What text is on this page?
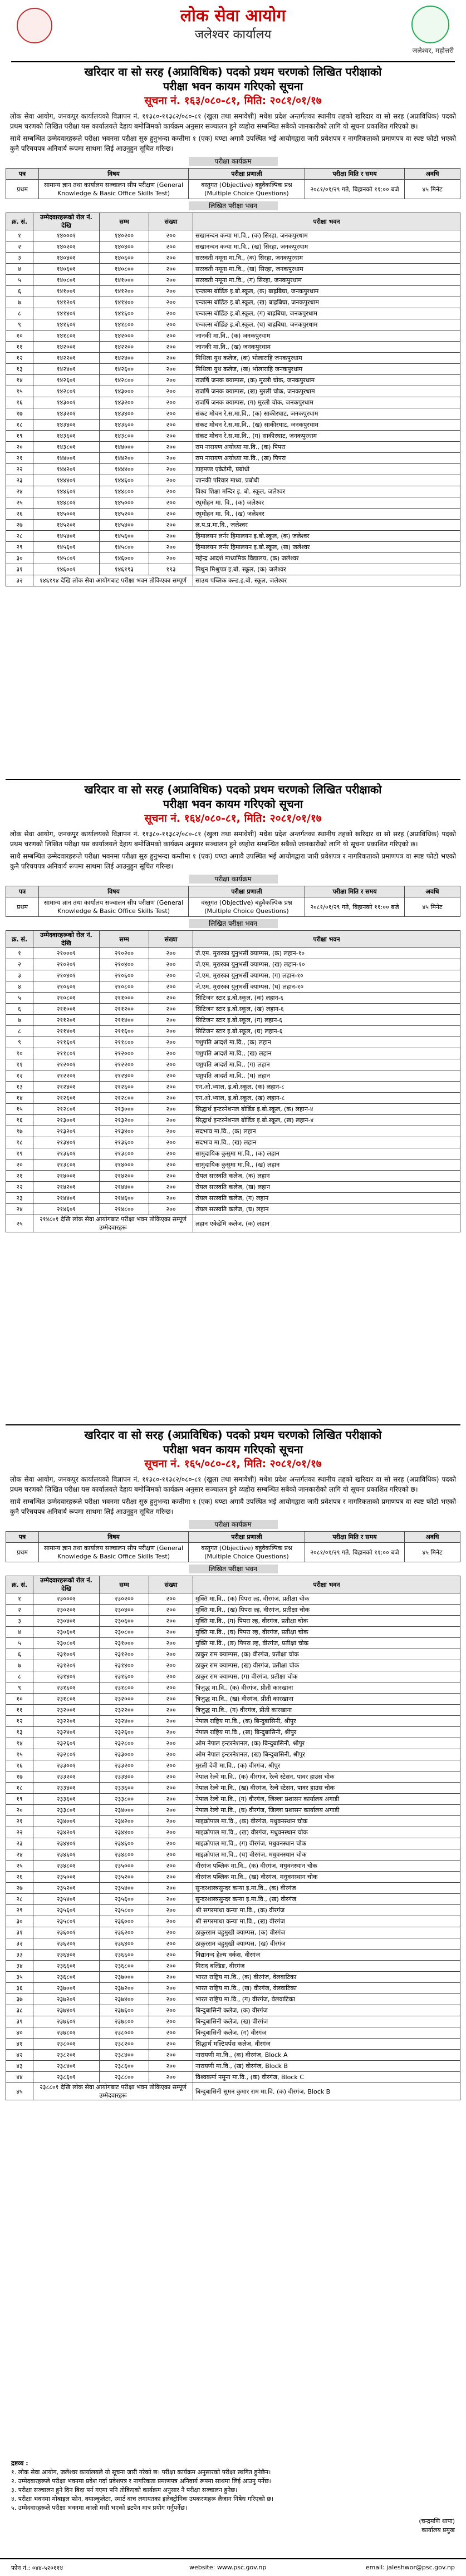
लोक सेवा आयोग
जलेश्वर कार्यालय
जलेश्वर, महोत्तरी
खरिदार वा सो सरह (अप्राविधिक) पदको प्रथम चरणको लिखित परीक्षाको
परीक्षा भवन कायम गरिएको सूचना
सूचना नं. १६३/०८०-८१, मिति: २०८१/०१/१७

लोक सेवा आयोग, जनकपुर कार्यालयको विज्ञापन नं. ११३८०-११३८२/०८०-८१ (खुला तथा समावेशी) मधेश प्रदेश अन्तर्गतका स्थानीय तहको खरिदार वा सो सरह (अप्राविधिक) पदको प्रथम चरणको लिखित परीक्षा यस कार्यालयले देहाय बमोजिमको कार्यक्रम अनुसार सञ्चालन हुने व्यहोरा सम्बन्धित सबैको जानकारीको लागि यो सूचना प्रकाशित गरिएको छ।

साथै सम्बन्धित उम्मेदवारहरूले परीक्षा भवनमा परीक्षा सुरु हुनुभन्दा कम्तीमा १ (एक) घण्टा अगावै उपस्थित भई आयोगद्वारा जारी प्रवेशपत्र र नागरिकताको प्रमाणपत्र वा स्पष्ट फोटो भएको कुनै परिचयपत्र अनिवार्य रूपमा साथमा लिई आउनुहुन सूचित गरिन्छ।

परीक्षा कार्यक्रम
पत्र	विषय	परीक्षा प्रणाली	परीक्षा मिति र समय	अवधि
प्रथम	सामान्य ज्ञान तथा कार्यालय सञ्चालन सीप परीक्षण (General Knowledge & Basic Office Skills Test)	वस्तुगत (Objective) बहुवैकल्पिक प्रश्न (Multiple Choice Questions)	२०८१/०१/२९ गते, बिहानको ११:०० बजे	४५ मिनेट
लिखित परीक्षा भवन
क्र. सं.	उम्मेदवारहरूको रोल नं. देखि	सम्म	संख्या	परीक्षा भवन
१	१४०००१	१४०२००	२००	सखानन्दन कन्या मा.वि., (क) सिरहा, जनकपुरधाम
२	१४०२०१	१४०४००	२००	सखानन्दन कन्या मा.वि., (ख) सिरहा, जनकपुरधाम
३	१४०४०१	१४०६००	२००	सरस्वती नमूना मा.वि., (क) सिरहा, जनकपुरधाम
४	१४०६०१	१४०८००	२००	सरस्वती नमूना मा.वि., (ख) सिरहा, जनकपुरधाम
५	१४०८०१	१४१०००	२००	सरस्वती नमूना मा.वि., (ग) सिरहा, जनकपुरधाम
६	१४१००१	१४१२००	२००	एन्जल्स बोर्डिङ इ.बो.स्कूल, (क) बाह्रबिघा, जनकपुरधाम
७	१४१२०१	१४१४००	२००	एन्जल्स बोर्डिङ इ.बो.स्कूल, (ख) बाह्रबिघा, जनकपुरधाम
८	१४१४०१	१४१६००	२००	एन्जल्स बोर्डिङ इ.बो.स्कूल, (ग) बाह्रबिघा, जनकपुरधाम
९	१४१६०१	१४१८००	२००	एन्जल्स बोर्डिङ इ.बो.स्कूल, (घ) बाह्रबिघा, जनकपुरधाम
१०	१४१८०१	१४२०००	२००	जानकी मा.वि., (क) जनकपुरधाम
११	१४२००१	१४२२००	२००	जानकी मा.वि., (ख) जनकपुरधाम
१२	१४२२०१	१४२४००	२००	मिथिला युथ कलेज, (क) भोलाराहि जनकपुरधाम
१३	१४२४०१	१४२६००	२००	मिथिला युथ कलेज, (ख) भोलाराहि जनकपुरधाम
१४	१४२६०१	१४२८००	२००	राजर्षि जनक क्याम्पस, (क) मुरली चोक, जनकपुरधाम
१५	१४२८०१	१४३०००	२००	राजर्षि जनक क्याम्पस, (ख) मुरली चोक, जनकपुरधाम
१६	१४३००१	१४३२००	२००	राजर्षि जनक क्याम्पस, (ग) मुरली चोक, जनकपुरधाम
१७	१४३२०१	१४३४००	२००	संकट मोचन रे.स.मा.वि., (क) साकीरघाट, जनकपुरधाम
१८	१४३४०१	१४३६००	२००	संकट मोचन रे.स.मा.वि., (ख) साकीरघाट, जनकपुरधाम
१९	१४३६०१	१४३८००	२००	संकट मोचन रे.स.मा.वि., (ग) साकीरघाट, जनकपुरधाम
२०	१४३८०१	१४४०००	२००	राम नारायण अयोध्या मा.वि., (क) पिपरा
२१	१४४००१	१४४२००	२००	राम नारायण अयोध्या मा.वि., (ख) पिपरा
२२	१४४२०१	१४४४००	२००	डाइमण्ड एकेडेमी, प्रबोधी
२३	१४४४०१	१४४६००	२००	जानकी परिवार माध्य. प्रबोधी
२४	१४४६०१	१४४८००	२००	विश्व शिक्षा मन्दिर इ. बो. स्कूल, जलेश्वर
२५	१४४८०१	१४५०००	२००	रघुमोहन मा. वि., (क) जलेश्वर
२६	१४५००१	१४५२००	२००	रघुमोहन मा. वि., (ख) जलेश्वर
२७	१४५२०१	१४५४००	२००	ल.प.प्र.मा.वि., जलेश्वर
२८	१४५४०१	१४५६००	२००	हिमालयन लर्नर हिमालयन इ.बो.स्कूल, (क) जलेश्वर
२९	१४५६०१	१४५८००	२००	हिमालयन लर्नर हिमालयन इ.बो.स्कूल, (ख) जलेश्वर
३०	१४५८०१	१४६०००	२००	महेन्द्र आदर्श माध्यमिक विद्यालय, (क) जलेश्वर
३१	१४६००१	१४६१९३	१९३	मिथुन मिश्रुपत्र इ.बो. स्कूल, (क) जलेश्वर
३२	१४६१९४ देखि लोक सेवा आयोगबाट परीक्षा भवन तोकिएका सम्पूर्ण			साउथ पब्लिक कन्ड.इ.बो. स्कूल, जलेश्वर
खरिदार वा सो सरह (अप्राविधिक) पदको प्रथम चरणको लिखित परीक्षाको
परीक्षा भवन कायम गरिएको सूचना
सूचना नं. १६४/०८०-८१, मिति: २०८१/०१/१७

लोक सेवा आयोग, जनकपुर कार्यालयको विज्ञापन नं. ११३८०-११३८२/०८०-८१ (खुला तथा समावेशी) मधेश प्रदेश अन्तर्गतका स्थानीय तहको खरिदार वा सो सरह (अप्राविधिक) पदको प्रथम चरणको लिखित परीक्षा यस कार्यालयले देहाय बमोजिमको कार्यक्रम अनुसार सञ्चालन हुने व्यहोरा सम्बन्धित सबैको जानकारीको लागि यो सूचना प्रकाशित गरिएको छ।

साथै सम्बन्धित उम्मेदवारहरूले परीक्षा भवनमा परीक्षा सुरु हुनुभन्दा कम्तीमा १ (एक) घण्टा अगावै उपस्थित भई आयोगद्वारा जारी प्रवेशपत्र र नागरिकताको प्रमाणपत्र वा स्पष्ट फोटो भएको कुनै परिचयपत्र अनिवार्य रूपमा साथमा लिई आउनुहुन सूचित गरिन्छ।

परीक्षा कार्यक्रम
पत्र	विषय	परीक्षा प्रणाली	परीक्षा मिति र समय	अवधि
प्रथम	सामान्य ज्ञान तथा कार्यालय सञ्चालन सीप परीक्षण (General Knowledge & Basic Office Skills Test)	वस्तुगत (Objective) बहुवैकल्पिक प्रश्न (Multiple Choice Questions)	२०८१/०१/२९ गते, बिहानको ११:०० बजे	४५ मिनेट
लिखित परीक्षा भवन
क्र. सं.	उम्मेदवारहरूको रोल नं. देखि	सम्म	संख्या	परीक्षा भवन
१	२१०००१	२१०२००	२००	जे.एम. मुरारका युनुभर्सी क्याम्पस, (क) लहान-१०
२	२१०२०१	२१०४००	२००	जे.एम. मुरारका युनुभर्सी क्याम्पस, (ख) लहान-१०
३	२१०४०१	२१०६००	२००	जे.एम. मुरारका युनुभर्सी क्याम्पस, (ग) लहान-१०
४	२१०६०१	२१०८००	२००	जे.एम. मुरारका युनुभर्सी क्याम्पस, (घ) लहान-१०
५	२१०८०१	२११०००	२००	सिटिजन स्टार इ.बो.स्कूल, (क) लहान-६
६	२११००१	२११२००	२००	सिटिजन स्टार इ.बो.स्कूल, (ख) लहान-६
७	२११२०१	२११४००	२००	सिटिजन स्टार इ.बो.स्कूल, (ग) लहान-६
८	२११४०१	२११६००	२००	सिटिजन स्टार इ.बो.स्कूल, (घ) लहान-६
९	२११६०१	२११८००	२००	पशुपति आदर्श मा.वि., (क) लहान
१०	२११८०१	२१२०००	२००	पशुपति आदर्श मा.वि., (ख) लहान
११	२१२००१	२१२२००	२००	पशुपति आदर्श मा.वि., (ग) लहान
१२	२१२२०१	२१२४००	२००	पशुपति आदर्श मा.वि., (घ) लहान
१३	२१२४०१	२१२६००	२००	एन.ओ.भ्याल, इ.बो.स्कूल, (क) लहान-८
१४	२१२६०१	२१२८००	२००	एन.ओ.भ्याल, इ.बो.स्कूल, (ख) लहान-८
१५	२१२८०१	२१३०००	२००	सिद्धार्थ इन्टरनेशनल बोर्डिङ इ.बो.स्कूल, (क) लहान-४
१६	२१३००१	२१३२००	२००	सिद्धार्थ इन्टरनेशनल बोर्डिङ इ.बो.स्कूल, (ख) लहान-४
१७	२१३२०१	२१३४००	२००	सदभाव मा.वि., (क) लहान
१८	२१३४०१	२१३६००	२००	सदभाव मा.वि., (ख) लहान
१९	२१३६०१	२१३८००	२००	सामुदायिक कुसुमा मा.वि., (क) लहान
२०	२१३८०१	२१४०००	२००	सामुदायिक कुसुमा मा.वि., (ख) लहान
२१	२१४००१	२१४२००	२००	रोयल सरस्वति कलेज, (क) लहान
२२	२१४२०१	२१४४००	२००	रोयल सरस्वति कलेज, (ख) लहान
२३	२१४४०१	२१४६००	२००	रोयल सरस्वति कलेज, (ग) लहान
२४	२१४६०१	२१४८००	२००	रोयल सरस्वति कलेज, (घ) लहान
२५	२१४८०१ देखि लोक सेवा आयोगबाट परीक्षा भवन तोकिएका सम्पूर्ण उम्मेदवारहरू			लहान एकेडेमि कलेज, (क) लहान
खरिदार वा सो सरह (अप्राविधिक) पदको प्रथम चरणको लिखित परीक्षाको
परीक्षा भवन कायम गरिएको सूचना
सूचना नं. १६५/०८०-८१, मिति: २०८१/०१/१७

लोक सेवा आयोग, जनकपुर कार्यालयको विज्ञापन नं. ११३८०-११३८२/०८०-८१ (खुला तथा समावेशी) मधेश प्रदेश अन्तर्गतका स्थानीय तहको खरिदार वा सो सरह (अप्राविधिक) पदको प्रथम चरणको लिखित परीक्षा यस कार्यालयले देहाय बमोजिमको कार्यक्रम अनुसार सञ्चालन हुने व्यहोरा सम्बन्धित सबैको जानकारीको लागि यो सूचना प्रकाशित गरिएको छ।

साथै सम्बन्धित उम्मेदवारहरूले परीक्षा भवनमा परीक्षा सुरु हुनुभन्दा कम्तीमा १ (एक) घण्टा अगावै उपस्थित भई आयोगद्वारा जारी प्रवेशपत्र र नागरिकताको प्रमाणपत्र वा स्पष्ट फोटो भएको कुनै परिचयपत्र अनिवार्य रूपमा साथमा लिई आउनुहुन सूचित गरिन्छ।

परीक्षा कार्यक्रम
पत्र	विषय	परीक्षा प्रणाली	परीक्षा मिति र समय	अवधि
प्रथम	सामान्य ज्ञान तथा कार्यालय सञ्चालन सीप परीक्षण (General Knowledge & Basic Office Skills Test)	वस्तुगत (Objective) बहुवैकल्पिक प्रश्न (Multiple Choice Questions)	२०८१/०१/२९ गते, बिहानको ११:०० बजे	४५ मिनेट
लिखित परीक्षा भवन
क्र. सं.	उम्मेदवारहरूको रोल नं. देखि	सम्म	संख्या	परीक्षा भवन
१	२३०००१	२३०२००	२००	मुक्ति मा.वि., (क) पिपरा ल्ह, वीरगंज, प्रतीक्षा चोक
२	२३०२०१	२३०४००	२००	मुक्ति मा.वि., (ख) पिपरा ल्ह, वीरगंज, प्रतीक्षा चोक
३	२३०४०१	२३०६००	२००	मुक्ति मा.वि., (ग) पिपरा ल्ह, वीरगंज, प्रतीक्षा चोक
४	२३०६०१	२३०८००	२००	मुक्ति मा.वि., (घ) पिपरा ल्ह, वीरगंज, प्रतीक्षा चोक
५	२३०८०१	२३१०००	२००	मुक्ति मा.वि., (ङ) पिपरा ल्ह, वीरगंज, प्रतीक्षा चोक
६	२३१००१	२३१२००	२००	ठाकुर राम क्याम्पस, (क) वीरगंज, प्रतीक्षा चोक
७	२३१२०१	२३१४००	२००	ठाकुर राम क्याम्पस, (ख) वीरगंज, प्रतीक्षा चोक
८	२३१४०१	२३१६००	२००	ठाकुर राम क्याम्पस, (ग) वीरगंज, प्रतीक्षा चोक
९	२३१६०१	२३१८००	२००	त्रिजुद्ध मा.वि., (क) वीरगंज, प्रीती कारखाना
१०	२३१८०१	२३२०००	२००	त्रिजुद्ध मा.वि., (ख) वीरगंज, प्रीती कारखाना
११	२३२००१	२३२२००	२००	त्रिजुद्ध मा.वि., (ग) वीरगंज, प्रीती कारखाना
१२	२३२२०१	२३२४००	२००	नेपाल राष्ट्रिय मा.वि., (क) बिन्दुबासिनी, श्रीपुर
१३	२३२४०१	२३२६००	२००	नेपाल राष्ट्रिय मा.वि., (ख) बिन्दुबासिनी, श्रीपुर
१४	२३२६०१	२३२८००	२००	ओम नेपाल इन्टरनेशनल, (क) बिन्दुबासिनी, श्रीपुर
१५	२३२८०१	२३३०००	२००	ओम नेपाल इन्टरनेशनल, (ख) बिन्दुबासिनी, श्रीपुर
१६	२३३००१	२३३२००	२००	मुरली देवी मा.वि., (क) वीरगंज, श्रीपुर
१७	२३३२०१	२३३४००	२००	नेपाल रेल्वे मा.वि., (क) वीरगंज, रेल्वे स्टेसन, पावर हाउस चोक
१८	२३३४०१	२३३६००	२००	नेपाल रेल्वे मा.वि., (ख) वीरगंज, रेल्वे स्टेसन, पावर हाउस चोक
१९	२३३६०१	२३३८००	२००	नेपाल रेल्वे मा.वि., (ग) वीरगंज, जिल्ला प्रशासन कार्यालय अगाडी
२०	२३३८०१	२३४०००	२००	नेपाल रेल्वे मा.वि., (घ) वीरगंज, जिल्ला प्रशासन कार्यालय अगाडी
२१	२३४००१	२३४२००	२००	माइक्रोपाल मा.वि., (क) वीरगंज, मधुवनस्थान चोक
२२	२३४२०१	२३४४००	२००	माइक्रोपाल मा.वि., (ख) वीरगंज, मधुवनस्थान चोक
२३	२३४४०१	२३४६००	२००	माइक्रोपाल मा.वि., (ग) वीरगंज, मधुवनस्थान चोक
२४	२३४६०१	२३४८००	२००	माइक्रोपाल मा.वि., (घ) वीरगंज, मधुवनस्थान चोक
२५	२३४८०१	२३५०००	२००	वीरगंज पब्लिक मा.वि., (क) वीरगंज, मधुवनस्थान चोक
२६	२३५००१	२३५२००	२००	वीरगंज पब्लिक मा.वि., (ख) वीरगंज, मधुवनस्थान चोक
२७	२३५२०१	२३५४००	२००	सुन्दरशास्त्रसुन्दर कन्या इ.मा.वि., (क) वीरगंज
२८	२३५४०१	२३५६००	२००	सुन्दरशास्त्रसुन्दर कन्या इ.मा.वि., (ख) वीरगंज
२९	२३५६०१	२३५८००	२००	श्री सगरमाथा कन्या मा.वि., (क) वीरगंज
३०	२३५८०१	२३६०००	२००	श्री सगरमाथा कन्या मा.वि., (ख) वीरगंज
३१	२३६००१	२३६२००	२००	ठाकुरराम बहुमुखी क्याम्पस, (क) वीरगंज
३२	२३६२०१	२३६४००	२००	ठाकुरराम बहुमुखी क्याम्पस, (ख) वीरगंज
३३	२३६४०१	२३६६००	२००	विद्यानन्द हेल्थ वर्कस, वीरगंज
३४	२३६६०१	२३६८००	२००	मिराद बल्डिङ, वीरगंज
३५	२३६८०१	२३७०००	२००	भारत राष्ट्रिय मा.वि., (क) वीरगंज, वेलवाटिका
३६	२३७००१	२३७२००	२००	भारत राष्ट्रिय मा.वि., (ख) वीरगंज, वेलवाटिका
३७	२३७२०१	२३७४००	२००	भारत राष्ट्रिय मा.वि., (ग) वीरगंज, वेलवाटिका
३८	२३७४०१	२३७६००	२००	बिन्दुबासिनी कलेज, (क) वीरगंज
३९	२३७६०१	२३७८००	२००	बिन्दुबासिनी कलेज, (ख) वीरगंज
४०	२३७८०१	२३८०००	२००	बिन्दुबासिनी कलेज, (ग) वीरगंज
४१	२३८००१	२३८२००	२००	सिद्धार्थ मल्टिपर्पस कलेज, वीरगंज
४२	२३८२०१	२३८४००	२००	नारायणी मा.वि., (क) वीरगंज, Block A
४३	२३८४०१	२३८६००	२००	नारायणी मा.वि., (ख) वीरगंज, Block B
४४	२३८६०१	२३८८००	२००	विश्वकर्मा नमूना मा.वि., (क) वीरगंज, Block C
४५	२३८८०१ देखि लोक सेवा आयोगबाट परीक्षा भवन तोकिएका सम्पूर्ण उम्मेदवारहरू			बिन्दुबासिनी सुमन कुमार राम मा.वि. (क) वीरगंज, Block B
द्रष्टव्य :
१. लोक सेवा आयोग, जलेश्वर कार्यालयले यो सूचना जारी गरेको छ। परीक्षा कार्यक्रम अनुसारको परीक्षा स्थगित हुनेछैन।
२. उम्मेदवारहरूले परीक्षा भवनमा प्रवेश गर्दा प्रवेशपत्र र नागरिकता प्रमाणपत्र अनिवार्य रूपमा साथमा लिई आउनु पर्नेछ।
३. परीक्षा सञ्चालन हुने दिन बिदा पर्न गएमा पनि तोकिएको कार्यक्रम अनुसार नै परीक्षा सञ्चालन हुनेछ।
४. परीक्षा भवनमा मोबाइल फोन, क्याल्कुलेटर, स्मार्ट वाच लगायतका इलेक्ट्रोनिक उपकरणहरू लैजान निषेध गरिएको छ।
५. उम्मेदवारहरूले परीक्षा भवनमा कालो मसी भएको डटपेन मात्र प्रयोग गर्नुपर्नेछ।
(चन्द्रमणि थापा)
कार्यालय प्रमुख
फोन नं.: ०४४-५२०११४	website: www.psc.gov.np	email: jaleshwor@psc.gov.np
